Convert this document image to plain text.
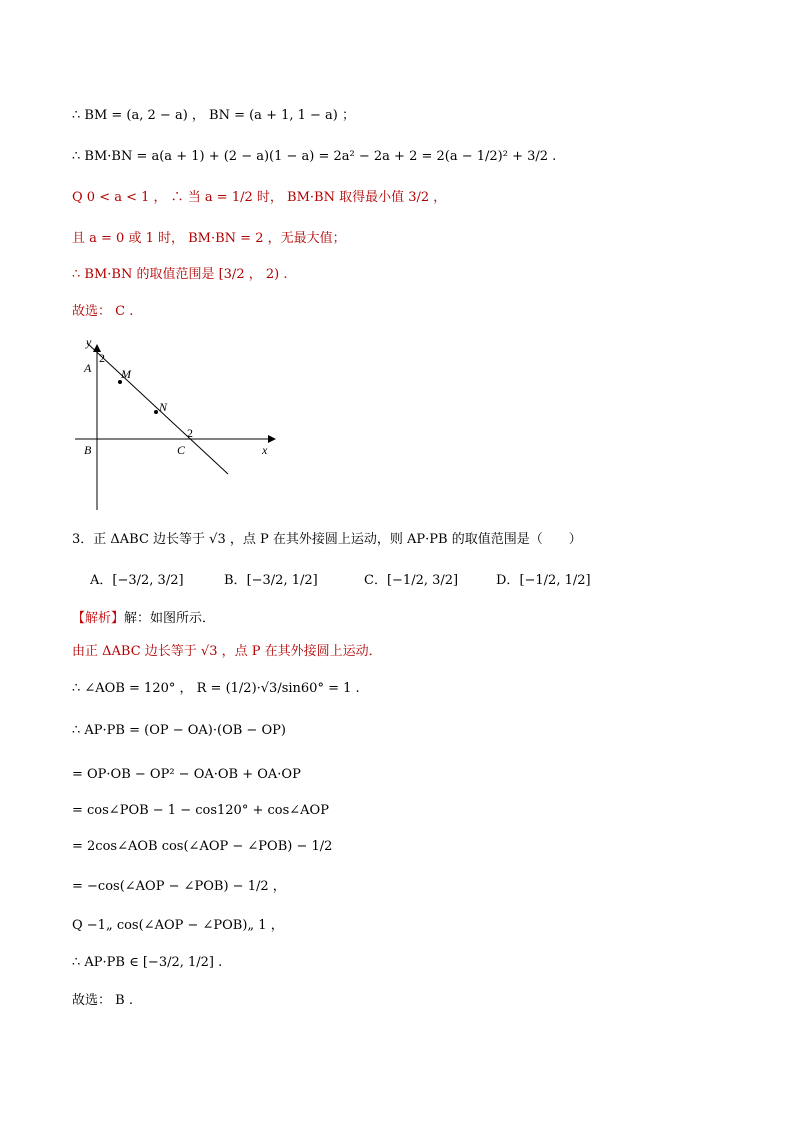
∴ BM = (a, 2 − a) ， BN = (a + 1, 1 − a) ；
∴ BM·BN = a(a + 1) + (2 − a)(1 − a) = 2a² − 2a + 2 = 2(a − 1/2)² + 3/2 .
Q 0 < a < 1 ， ∴ 当 a = 1/2 时， BM·BN 取得最小值 3/2 ，
且 a = 0 或 1 时， BM·BN = 2 ，无最大值；
∴ BM·BN 的取值范围是 [3/2 ， 2) .
故选： C .
y
x
2
A M
N
2
B	C
3．正 ΔABC 边长等于 √3 ，点 P 在其外接圆上运动，则 AP·PB 的取值范围是（　　）
A．[−3/2, 3/2]	B．[−3/2, 1/2]	C．[−1/2, 3/2]	D．[−1/2, 1/2]
【解析】解：如图所示．
由正 ΔABC 边长等于 √3 ，点 P 在其外接圆上运动．
∴ ∠AOB = 120° ， R = (1/2)·√3/sin60° = 1 .
∴ AP·PB = (OP − OA)·(OB − OP)
= OP·OB − OP² − OA·OB + OA·OP
= cos∠POB − 1 − cos120° + cos∠AOP
= 2cos∠AOB cos(∠AOP − ∠POB) − 1/2
= −cos(∠AOP − ∠POB) − 1/2 ，
Q −1„ cos(∠AOP − ∠POB)„ 1 ，
∴ AP·PB ∈ [−3/2, 1/2] .
故选： B .
